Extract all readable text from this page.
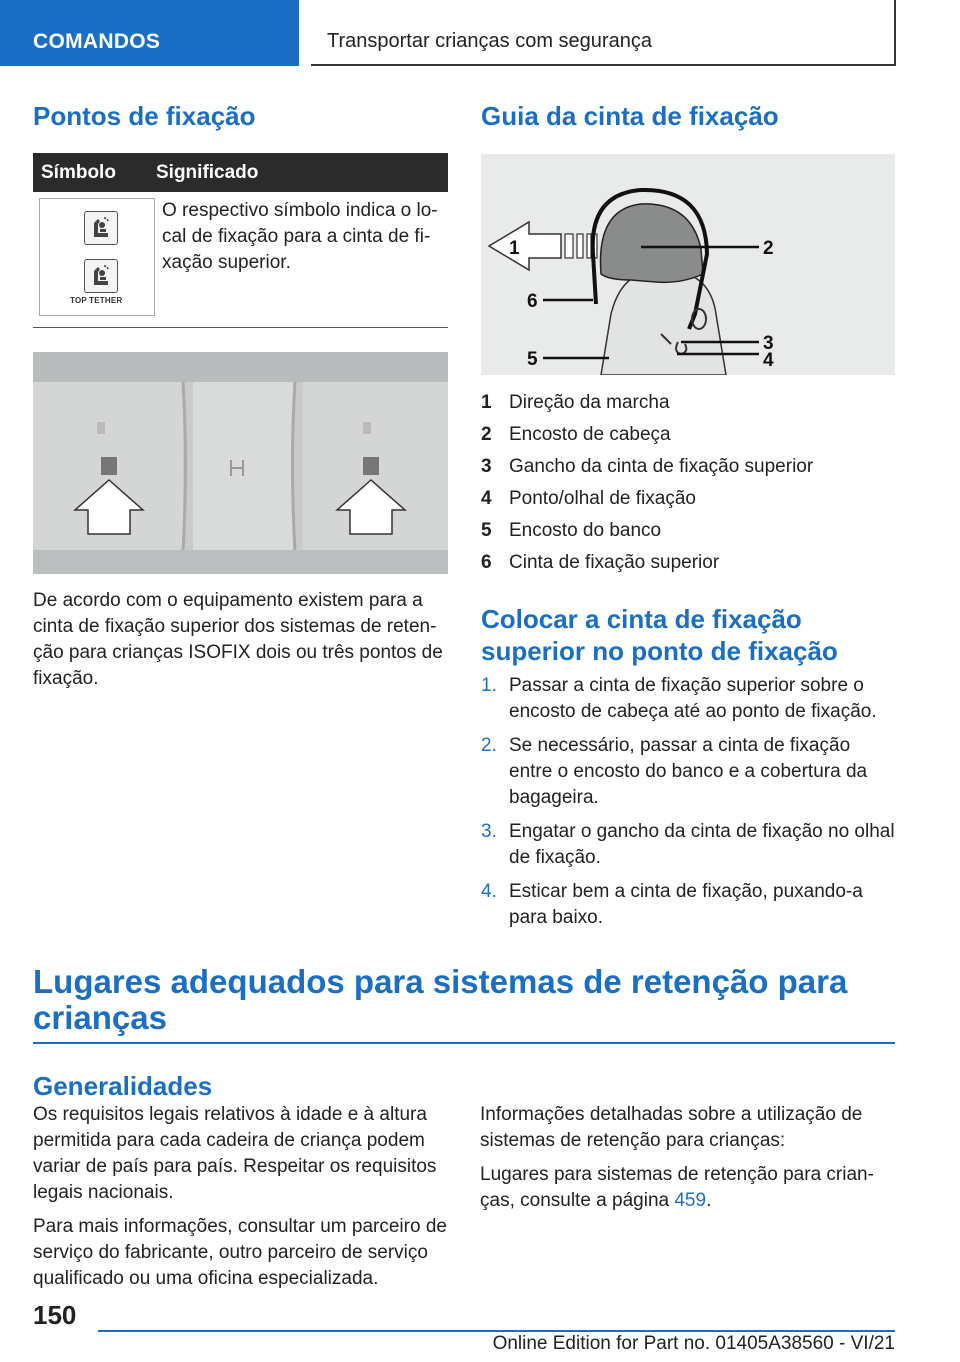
COMANDOS	Transportar crianças com segurança
Pontos de fixação
Símbolo	Significado
TOP TETHER
O respectivo símbolo indica o local de fixação para a cinta de fixação superior.
De acordo com o equipamento existem para a cinta de fixação superior dos sistemas de retenção para crianças ISOFIX dois ou três pontos de fixação.
Guia da cinta de fixação
1	2
3
4
5
6
1 Direção da marcha
2 Encosto de cabeça
3 Gancho da cinta de fixação superior
4 Ponto/olhal de fixação
5 Encosto do banco
6 Cinta de fixação superior
Colocar a cinta de fixação superior no ponto de fixação
1. Passar a cinta de fixação superior sobre o encosto de cabeça até ao ponto de fixação.
2. Se necessário, passar a cinta de fixação entre o encosto do banco e a cobertura da bagageira.
3. Engatar o gancho da cinta de fixação no olhal de fixação.
4. Esticar bem a cinta de fixação, puxando-a para baixo.
Lugares adequados para sistemas de retenção para crianças
Generalidades

Os requisitos legais relativos à idade e à altura permitida para cada cadeira de criança podem variar de país para país. Respeitar os requisitos legais nacionais.

Para mais informações, consultar um parceiro de serviço do fabricante, outro parceiro de serviço qualificado ou uma oficina especializada.

Informações detalhadas sobre a utilização de sistemas de retenção para crianças:

Lugares para sistemas de retenção para crianças, consulte a página 459.

150
Online Edition for Part no. 01405A38560 - VI/21
